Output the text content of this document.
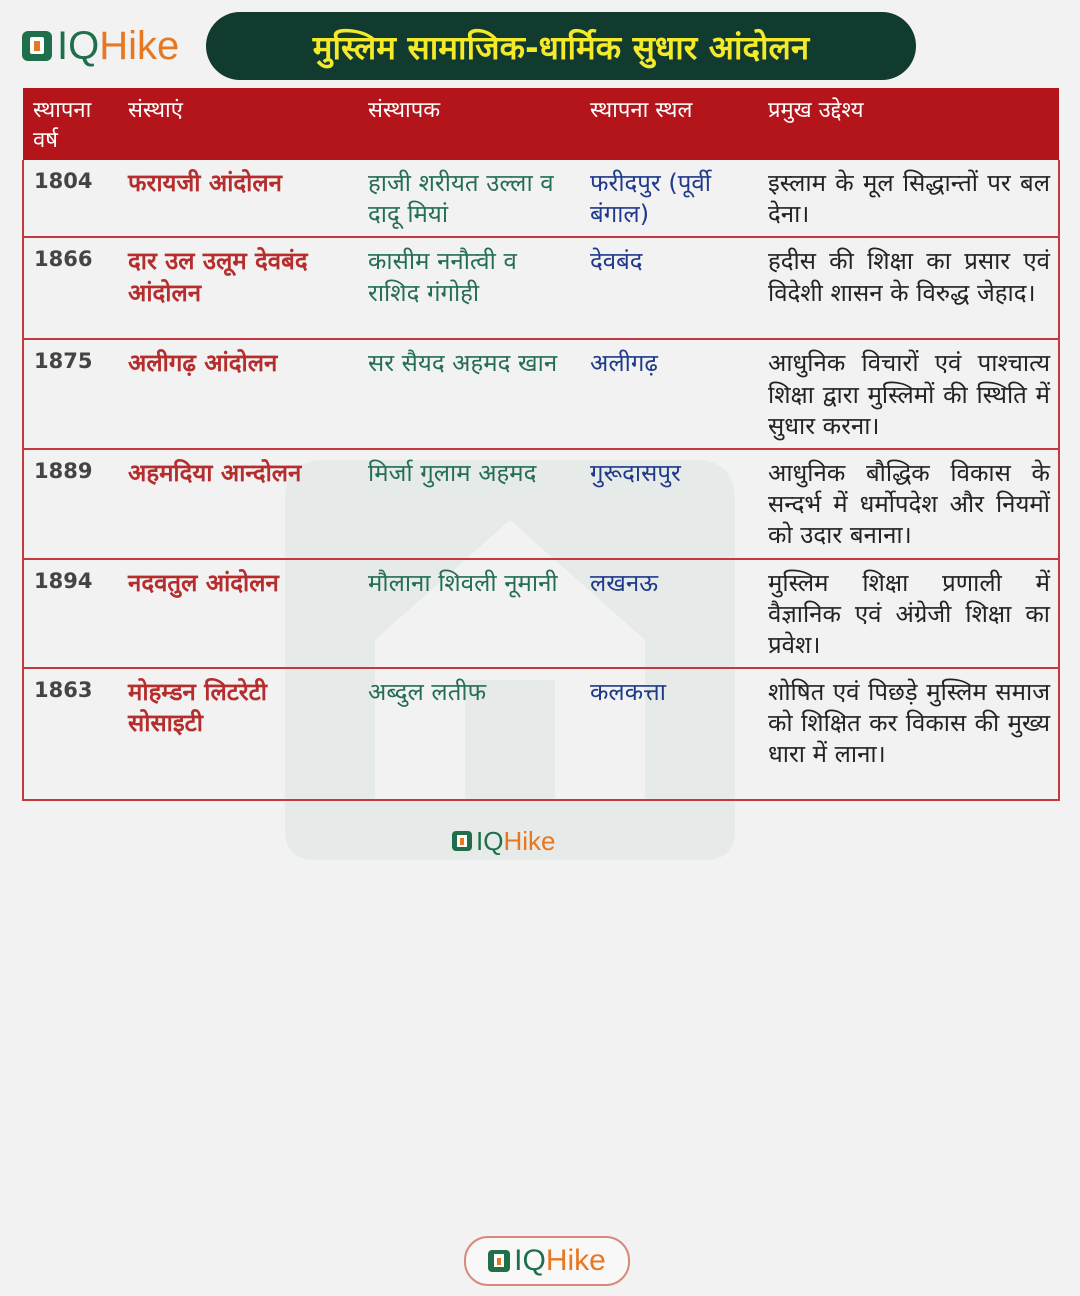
IQ Hike	मुस्लिम सामाजिक-धार्मिक सुधार आंदोलन
स्थापना वर्ष	संस्थाएं	संस्थापक	स्थापना स्थल	प्रमुख उद्देश्य
1804	फरायजी आंदोलन	हाजी शरीयत उल्ला व दादू मियां	फरीदपुर (पूर्वी बंगाल)	इस्लाम के मूल सिद्धान्तों पर बल देना।
1866	दार उल उलूम देवबंद आंदोलन	कासीम ननौत्वी व राशिद गंगोही	देवबंद	हदीस की शिक्षा का प्रसार एवं विदेशी शासन के विरुद्ध जेहाद।
1875	अलीगढ़ आंदोलन	सर सैयद अहमद खान	अलीगढ़	आधुनिक विचारों एवं पाश्चात्य शिक्षा द्वारा मुस्लिमों की स्थिति में सुधार करना।
1889	अहमदिया आन्दोलन	मिर्जा गुलाम अहमद	गुरूदासपुर	आधुनिक बौद्धिक विकास के सन्दर्भ में धर्मोपदेश और नियमों को उदार बनाना।
1894	नदवतुल आंदोलन	मौलाना शिवली नूमानी	लखनऊ	मुस्लिम शिक्षा प्रणाली में वैज्ञानिक एवं अंग्रेजी शिक्षा का प्रवेश।
1863	मोहम्डन लिटरेटी सोसाइटी	अब्दुल लतीफ	कलकत्ता	शोषित एवं पिछड़े मुस्लिम समाज को शिक्षित कर विकास की मुख्य धारा में लाना।
IQ Hike
IQ Hike
